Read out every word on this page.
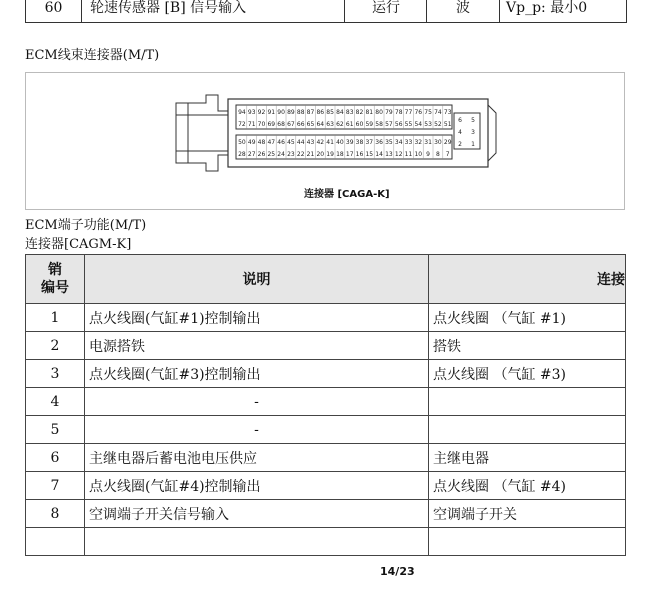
60	轮速传感器 [B] 信号输入	运行	波	Vp_p: 最小0
ECM线束连接器(M/T)
94 93 92 91 90 89 88 87 86 85 84 83 82 81 80 79 78 77 76 75 74 73
72 71 70 69 68 67 66 65 64 63 62 61 60 59 58 57 56 55 54 53 52 51
50 49 48 47 46 45 44 43 42 41 40 39 38 37 36 35 34 33 32 31 30 29
28 27 26 25 24 23 22 21 20 19 18 17 16 15 14 13 12 11 10 9 8 7
6 5
4 3
2 1
连接器 [CAGA-K]
ECM端子功能(M/T)
连接器[CAGM-K]
销
编号	说明	连接
1	点火线圈(气缸#1)控制输出	点火线圈 （气缸 #1)
2	电源搭铁	搭铁
3	点火线圈(气缸#3)控制输出	点火线圈 （气缸 #3)
4	-	
5	-	
6	主继电器后蓄电池电压供应	主继电器
7	点火线圈(气缸#4)控制输出	点火线圈 （气缸 #4)
8	空调端子开关信号输入	空调端子开关

14/23
